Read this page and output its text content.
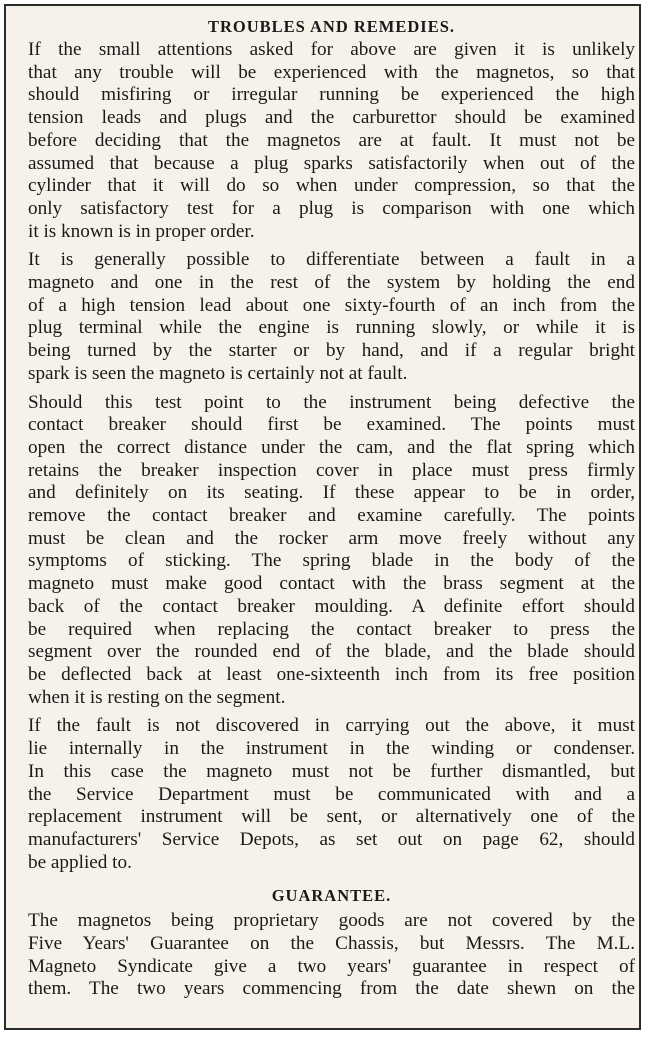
TROUBLES AND REMEDIES.
If the small attentions asked for above are given it is unlikely
that any trouble will be experienced with the magnetos, so that
should misfiring or irregular running be experienced the high
tension leads and plugs and the carburettor should be examined
before deciding that the magnetos are at fault. It must not be
assumed that because a plug sparks satisfactorily when out of the
cylinder that it will do so when under compression, so that the
only satisfactory test for a plug is comparison with one which
it is known is in proper order.
It is generally possible to differentiate between a fault in a
magneto and one in the rest of the system by holding the end
of a high tension lead about one sixty-fourth of an inch from the
plug terminal while the engine is running slowly, or while it is
being turned by the starter or by hand, and if a regular bright
spark is seen the magneto is certainly not at fault.
Should this test point to the instrument being defective the
contact breaker should first be examined. The points must
open the correct distance under the cam, and the flat spring which
retains the breaker inspection cover in place must press firmly
and definitely on its seating. If these appear to be in order,
remove the contact breaker and examine carefully. The points
must be clean and the rocker arm move freely without any
symptoms of sticking. The spring blade in the body of the
magneto must make good contact with the brass segment at the
back of the contact breaker moulding. A definite effort should
be required when replacing the contact breaker to press the
segment over the rounded end of the blade, and the blade should
be deflected back at least one-sixteenth inch from its free position
when it is resting on the segment.
If the fault is not discovered in carrying out the above, it must
lie internally in the instrument in the winding or condenser.
In this case the magneto must not be further dismantled, but
the Service Department must be communicated with and a
replacement instrument will be sent, or alternatively one of the
manufacturers' Service Depots, as set out on page 62, should
be applied to.
GUARANTEE.
The magnetos being proprietary goods are not covered by the
Five Years' Guarantee on the Chassis, but Messrs. The M.L.
Magneto Syndicate give a two years' guarantee in respect of
them. The two years commencing from the date shewn on the
